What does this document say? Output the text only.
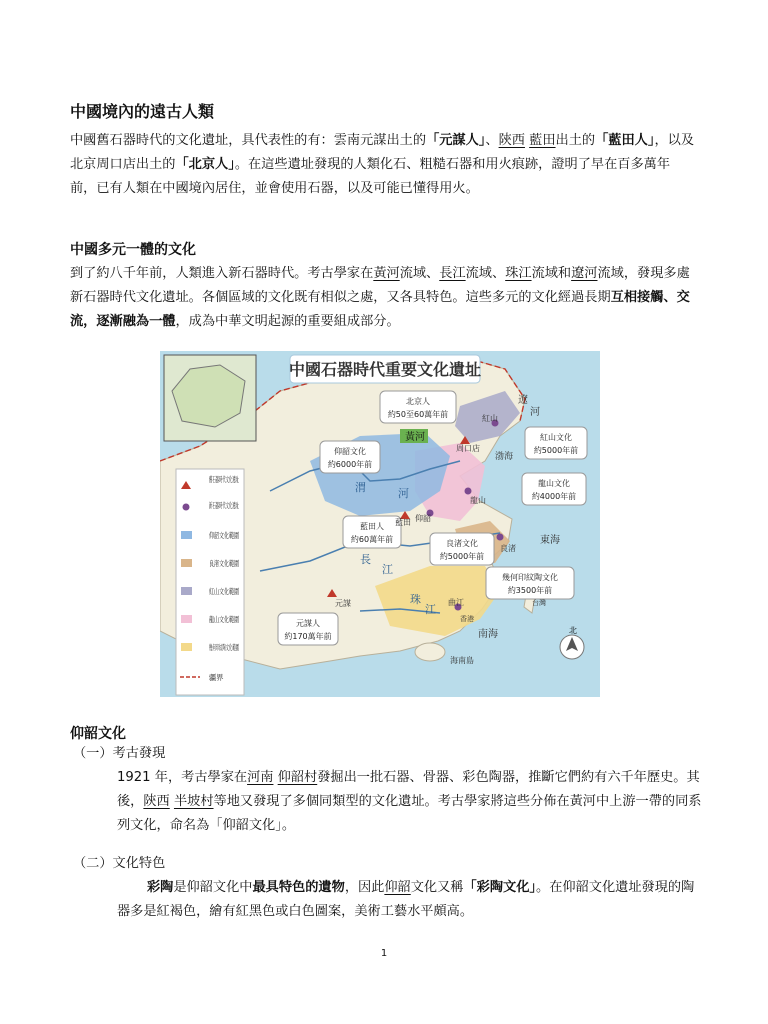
中國境內的遠古人類
中國舊石器時代的文化遺址，具代表性的有：雲南元謀出土的「元謀人」、陝西 藍田出土的「藍田人」，以及北京周口店出土的「北京人」。在這些遺址發現的人類化石、粗糙石器和用火痕跡，證明了早在百多萬年前，已有人類在中國境內居住，並會使用石器，以及可能已懂得用火。
中國多元一體的文化
到了約八千年前，人類進入新石器時代。考古學家在黃河流域、長江流域、珠江流域和遼河流域，發現多處新石器時代文化遺址。各個區域的文化既有相似之處，又各具特色。這些多元的文化經過長期互相接觸、交流，逐漸融為一體，成為中華文明起源的重要組成部分。
中國石器時代重要文化遺址
舊石器時代文化遺址
新石器時代文化遺址
仰韶文化範圍
良渚文化範圍
紅山文化範圍
龍山文化範圍
幾何印紋陶文化範圍
疆界
北京人
約50至60萬年前
仰韶文化
約6000年前
紅山文化
約5000年前
龍山文化
約4000年前
藍田人
約60萬年前	良渚文化
約5000年前
幾何印紋陶文化
約3500年前
元謀人
約170萬年前
周口店
紅山
遼
河
渤海
龍山
仰韶
藍田
渭	河
黃河
長
江
良渚
東海
元謀	珠
江
曲江	台灣
香港
南海
海南島
北
仰韶文化
（一）考古發現
1921 年，考古學家在河南 仰韶村發掘出一批石器、骨器、彩色陶器，推斷它們約有六千年歷史。其後，陝西 半坡村等地又發現了多個同類型的文化遺址。考古學家將這些分佈在黃河中上游一帶的同系列文化，命名為「仰韶文化」。
（二）文化特色
彩陶是仰韶文化中最具特色的遺物，因此仰韶文化又稱「彩陶文化」。在仰韶文化遺址發現的陶器多是紅褐色，繪有紅黑色或白色圖案，美術工藝水平頗高。
1
